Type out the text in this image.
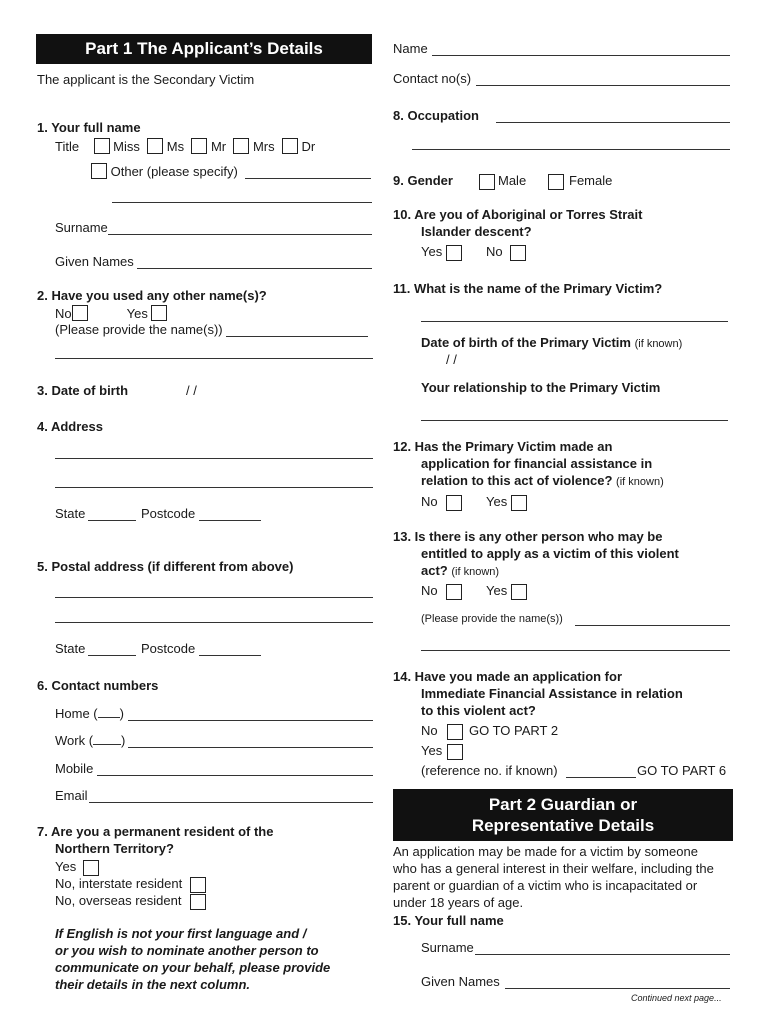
Part 1 The Applicant’s Details
The applicant is the Secondary Victim
1. Your full name
Title	Miss Ms Mr Mrs Dr
Other (please specify)
Surname
Given Names
2. Have you used any other name(s)?
No	Yes
(Please provide the name(s))
3. Date of birth	/ /
4. Address
State	Postcode
5. Postal address (if different from above)
State	Postcode
6. Contact numbers
Home ( )
Work ( )
Mobile
Email
7. Are you a permanent resident of the
Northern Territory?
Yes
No, interstate resident
No, overseas resident
If English is not your first language and /
or you wish to nominate another person to
communicate on your behalf, please provide
their details in the next column.
Name
Contact no(s)
8. Occupation
9. Gender	Male	Female
10. Are you of Aboriginal or Torres Strait
Islander descent?
Yes	No
11. What is the name of the Primary Victim?
Date of birth of the Primary Victim (if known)
/ /
Your relationship to the Primary Victim
12. Has the Primary Victim made an
application for financial assistance in
relation to this act of violence? (if known)
No	Yes
13. Is there is any other person who may be
entitled to apply as a victim of this violent
act? (if known)
No	Yes
(Please provide the name(s))
14. Have you made an application for
Immediate Financial Assistance in relation
to this violent act?
No GO TO PART 2
Yes
(reference no. if known)	GO TO PART 6
Part 2 Guardian or
Representative Details
An application may be made for a victim by someone
who has a general interest in their welfare, including the
parent or guardian of a victim who is incapacitated or
under 18 years of age.
15. Your full name
Surname
Given Names
Continued next page...
